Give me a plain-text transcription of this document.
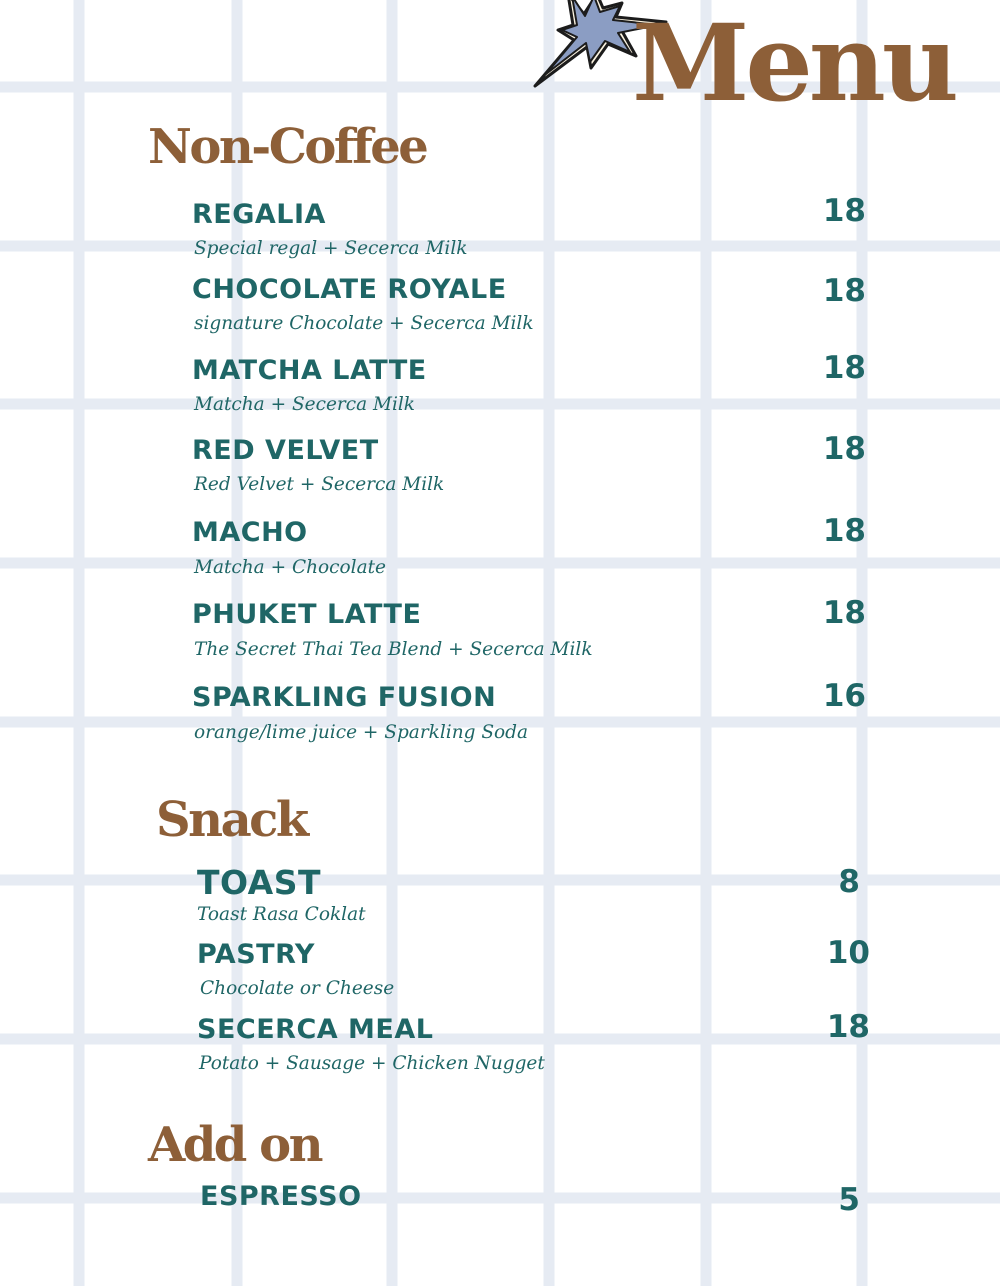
Menu
Non-Coffee
REGALIA
Special regal + Secerca Milk
18
CHOCOLATE ROYALE
signature Chocolate + Secerca Milk
18
MATCHA LATTE
Matcha + Secerca Milk
18
RED VELVET
Red Velvet + Secerca Milk
18
MACHO
Matcha + Chocolate
18
PHUKET LATTE
The Secret Thai Tea Blend + Secerca Milk
18
SPARKLING FUSION
orange/lime juice + Sparkling Soda
16
Snack
TOAST
Toast Rasa Coklat
8
PASTRY
Chocolate or Cheese
10
SECERCA MEAL
Potato + Sausage + Chicken Nugget
18
Add on
ESPRESSO	5
